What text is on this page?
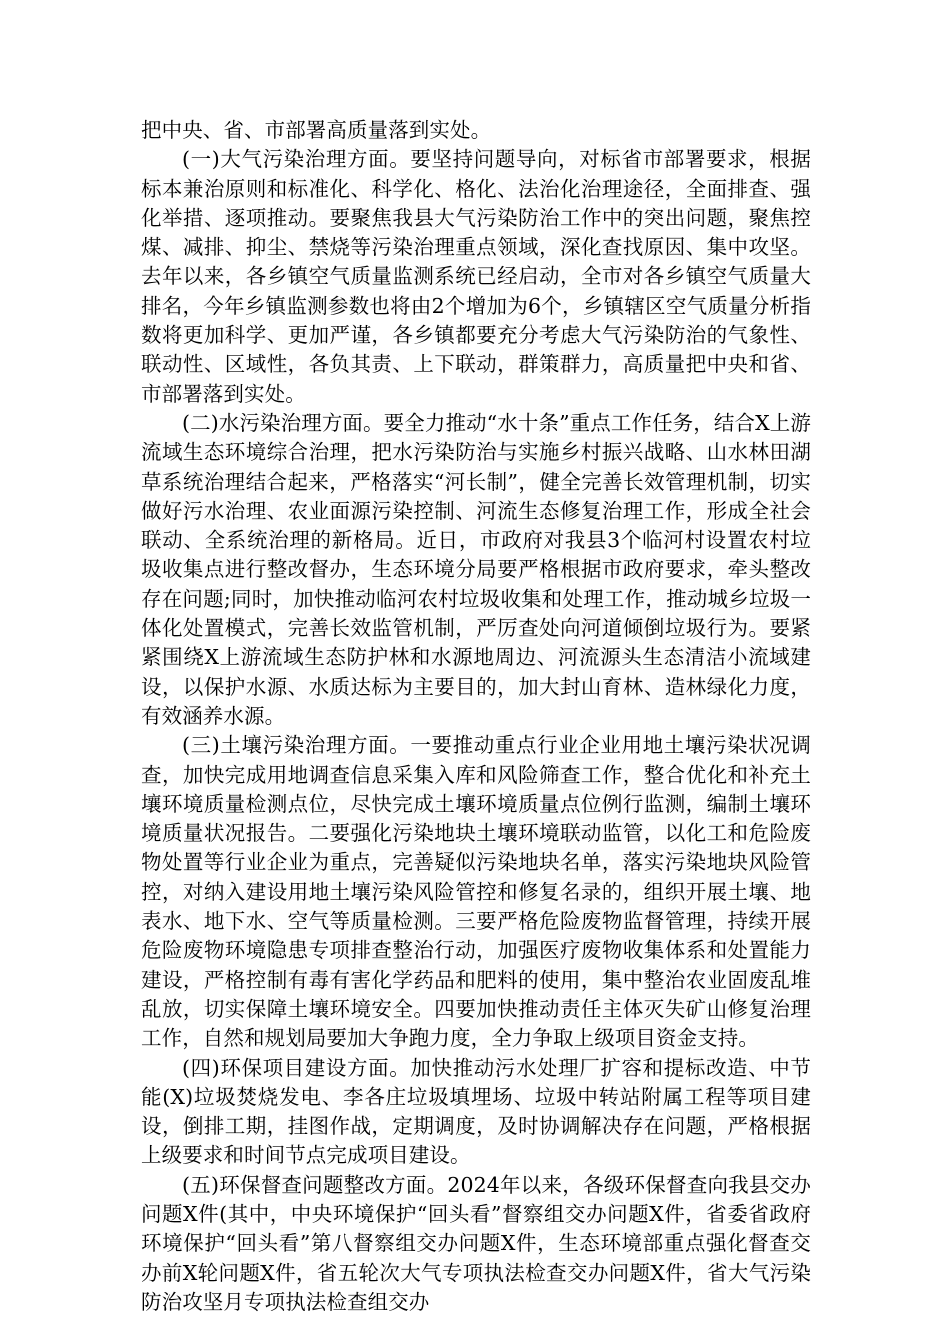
把中央、省、市部署高质量落到实处。

(一)大气污染治理方面。要坚持问题导向，对标省市部署要求，根据标本兼治原则和标准化、科学化、格化、法治化治理途径，全面排查、强化举措、逐项推动。要聚焦我县大气污染防治工作中的突出问题，聚焦控煤、减排、抑尘、禁烧等污染治理重点领域，深化查找原因、集中攻坚。去年以来，各乡镇空气质量监测系统已经启动，全市对各乡镇空气质量大排名，今年乡镇监测参数也将由2个增加为6个，乡镇辖区空气质量分析指数将更加科学、更加严谨，各乡镇都要充分考虑大气污染防治的气象性、联动性、区域性，各负其责、上下联动，群策群力，高质量把中央和省、市部署落到实处。

(二)水污染治理方面。要全力推动“水十条”重点工作任务，结合X上游流域生态环境综合治理，把水污染防治与实施乡村振兴战略、山水林田湖草系统治理结合起来，严格落实“河长制”，健全完善长效管理机制，切实做好污水治理、农业面源污染控制、河流生态修复治理工作，形成全社会联动、全系统治理的新格局。近日，市政府对我县3个临河村设置农村垃圾收集点进行整改督办，生态环境分局要严格根据市政府要求，牵头整改存在问题;同时，加快推动临河农村垃圾收集和处理工作，推动城乡垃圾一体化处置模式，完善长效监管机制，严厉查处向河道倾倒垃圾行为。要紧紧围绕X上游流域生态防护林和水源地周边、河流源头生态清洁小流域建设，以保护水源、水质达标为主要目的，加大封山育林、造林绿化力度，有效涵养水源。

(三)土壤污染治理方面。一要推动重点行业企业用地土壤污染状况调查，加快完成用地调查信息采集入库和风险筛查工作，整合优化和补充土壤环境质量检测点位，尽快完成土壤环境质量点位例行监测，编制土壤环境质量状况报告。二要强化污染地块土壤环境联动监管，以化工和危险废物处置等行业企业为重点，完善疑似污染地块名单，落实污染地块风险管控，对纳入建设用地土壤污染风险管控和修复名录的，组织开展土壤、地表水、地下水、空气等质量检测。三要严格危险废物监督管理，持续开展危险废物环境隐患专项排查整治行动，加强医疗废物收集体系和处置能力建设，严格控制有毒有害化学药品和肥料的使用，集中整治农业固废乱堆乱放，切实保障土壤环境安全。四要加快推动责任主体灭失矿山修复治理工作，自然和规划局要加大争跑力度，全力争取上级项目资金支持。

(四)环保项目建设方面。加快推动污水处理厂扩容和提标改造、中节能(X)垃圾焚烧发电、李各庄垃圾填埋场、垃圾中转站附属工程等项目建设，倒排工期，挂图作战，定期调度，及时协调解决存在问题，严格根据上级要求和时间节点完成项目建设。

(五)环保督查问题整改方面。2024年以来，各级环保督查向我县交办问题X件(其中，中央环境保护“回头看”督察组交办问题X件，省委省政府环境保护“回头看”第八督察组交办问题X件，生态环境部重点强化督查交办前X轮问题X件，省五轮次大气专项执法检查交办问题X件，省大气污染防治攻坚月专项执法检查组交办
